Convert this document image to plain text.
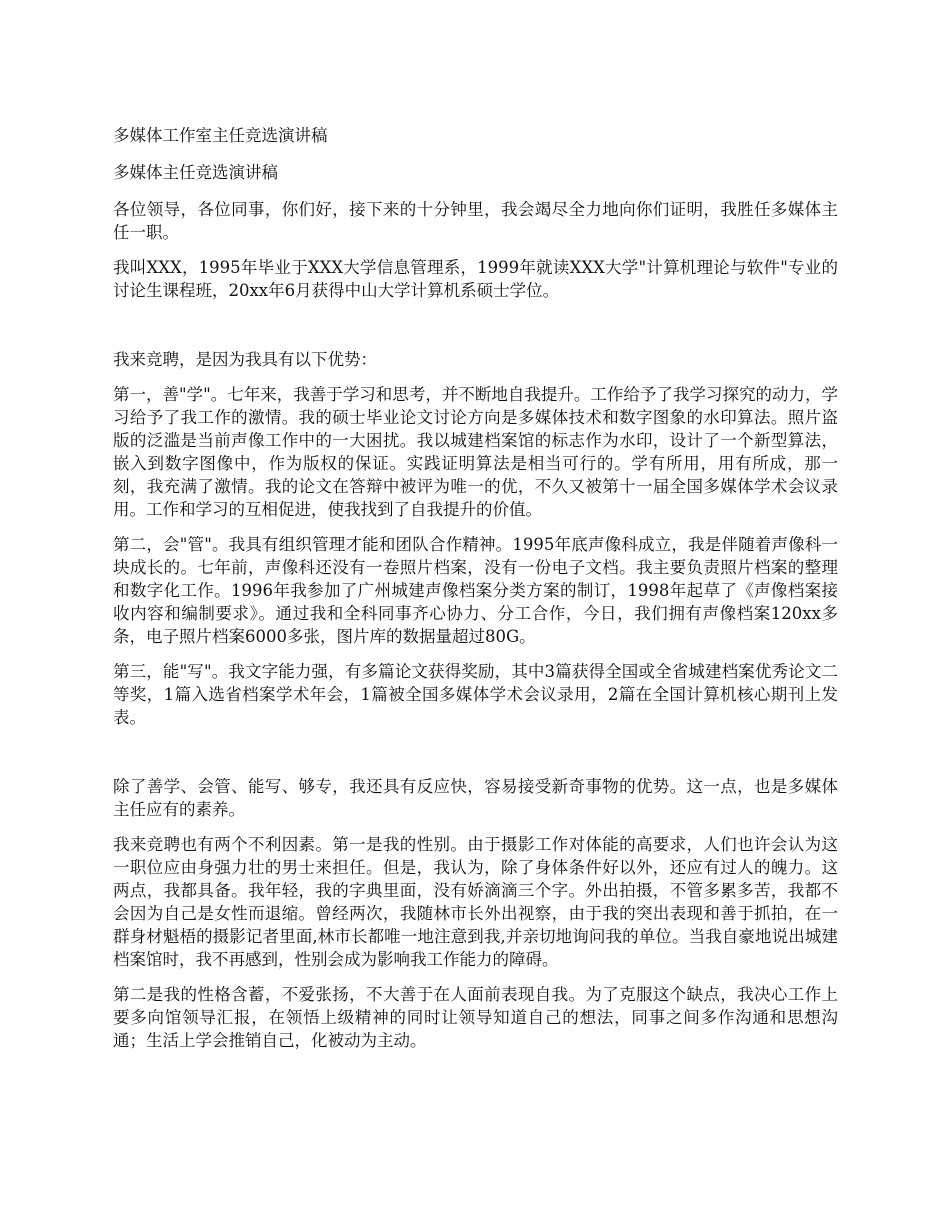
多媒体工作室主任竞选演讲稿

多媒体主任竞选演讲稿

各位领导，各位同事，你们好，接下来的十分钟里，我会竭尽全力地向你们证明，我胜任多媒体主任一职。

我叫XXX，1995年毕业于XXX大学信息管理系，1999年就读XXX大学"计算机理论与软件"专业的讨论生课程班，20xx年6月获得中山大学计算机系硕士学位。

我来竞聘，是因为我具有以下优势：

第一，善"学"。七年来，我善于学习和思考，并不断地自我提升。工作给予了我学习探究的动力，学习给予了我工作的激情。我的硕士毕业论文讨论方向是多媒体技术和数字图象的水印算法。照片盗版的泛滥是当前声像工作中的一大困扰。我以城建档案馆的标志作为水印，设计了一个新型算法，嵌入到数字图像中，作为版权的保证。实践证明算法是相当可行的。学有所用，用有所成，那一刻，我充满了激情。我的论文在答辩中被评为唯一的优，不久又被第十一届全国多媒体学术会议录用。工作和学习的互相促进，使我找到了自我提升的价值。

第二，会"管"。我具有组织管理才能和团队合作精神。1995年底声像科成立，我是伴随着声像科一块成长的。七年前，声像科还没有一卷照片档案，没有一份电子文档。我主要负责照片档案的整理和数字化工作。1996年我参加了广州城建声像档案分类方案的制订，1998年起草了《声像档案接收内容和编制要求》。通过我和全科同事齐心协力、分工合作，今日，我们拥有声像档案120xx多条，电子照片档案6000多张，图片库的数据量超过80G。

第三，能"写"。我文字能力强，有多篇论文获得奖励，其中3篇获得全国或全省城建档案优秀论文二等奖，1篇入选省档案学术年会，1篇被全国多媒体学术会议录用，2篇在全国计算机核心期刊上发表。

除了善学、会管、能写、够专，我还具有反应快，容易接受新奇事物的优势。这一点，也是多媒体主任应有的素养。

我来竞聘也有两个不利因素。第一是我的性别。由于摄影工作对体能的高要求，人们也许会认为这一职位应由身强力壮的男士来担任。但是，我认为，除了身体条件好以外，还应有过人的魄力。这两点，我都具备。我年轻，我的字典里面，没有娇滴滴三个字。外出拍摄，不管多累多苦，我都不会因为自己是女性而退缩。曾经两次，我随林市长外出视察，由于我的突出表现和善于抓拍，在一群身材魁梧的摄影记者里面,林市长都唯一地注意到我,并亲切地询问我的单位。当我自豪地说出城建档案馆时，我不再感到，性别会成为影响我工作能力的障碍。

第二是我的性格含蓄，不爱张扬，不大善于在人面前表现自我。为了克服这个缺点，我决心工作上要多向馆领导汇报，在领悟上级精神的同时让领导知道自己的想法，同事之间多作沟通和思想沟通；生活上学会推销自己，化被动为主动。
